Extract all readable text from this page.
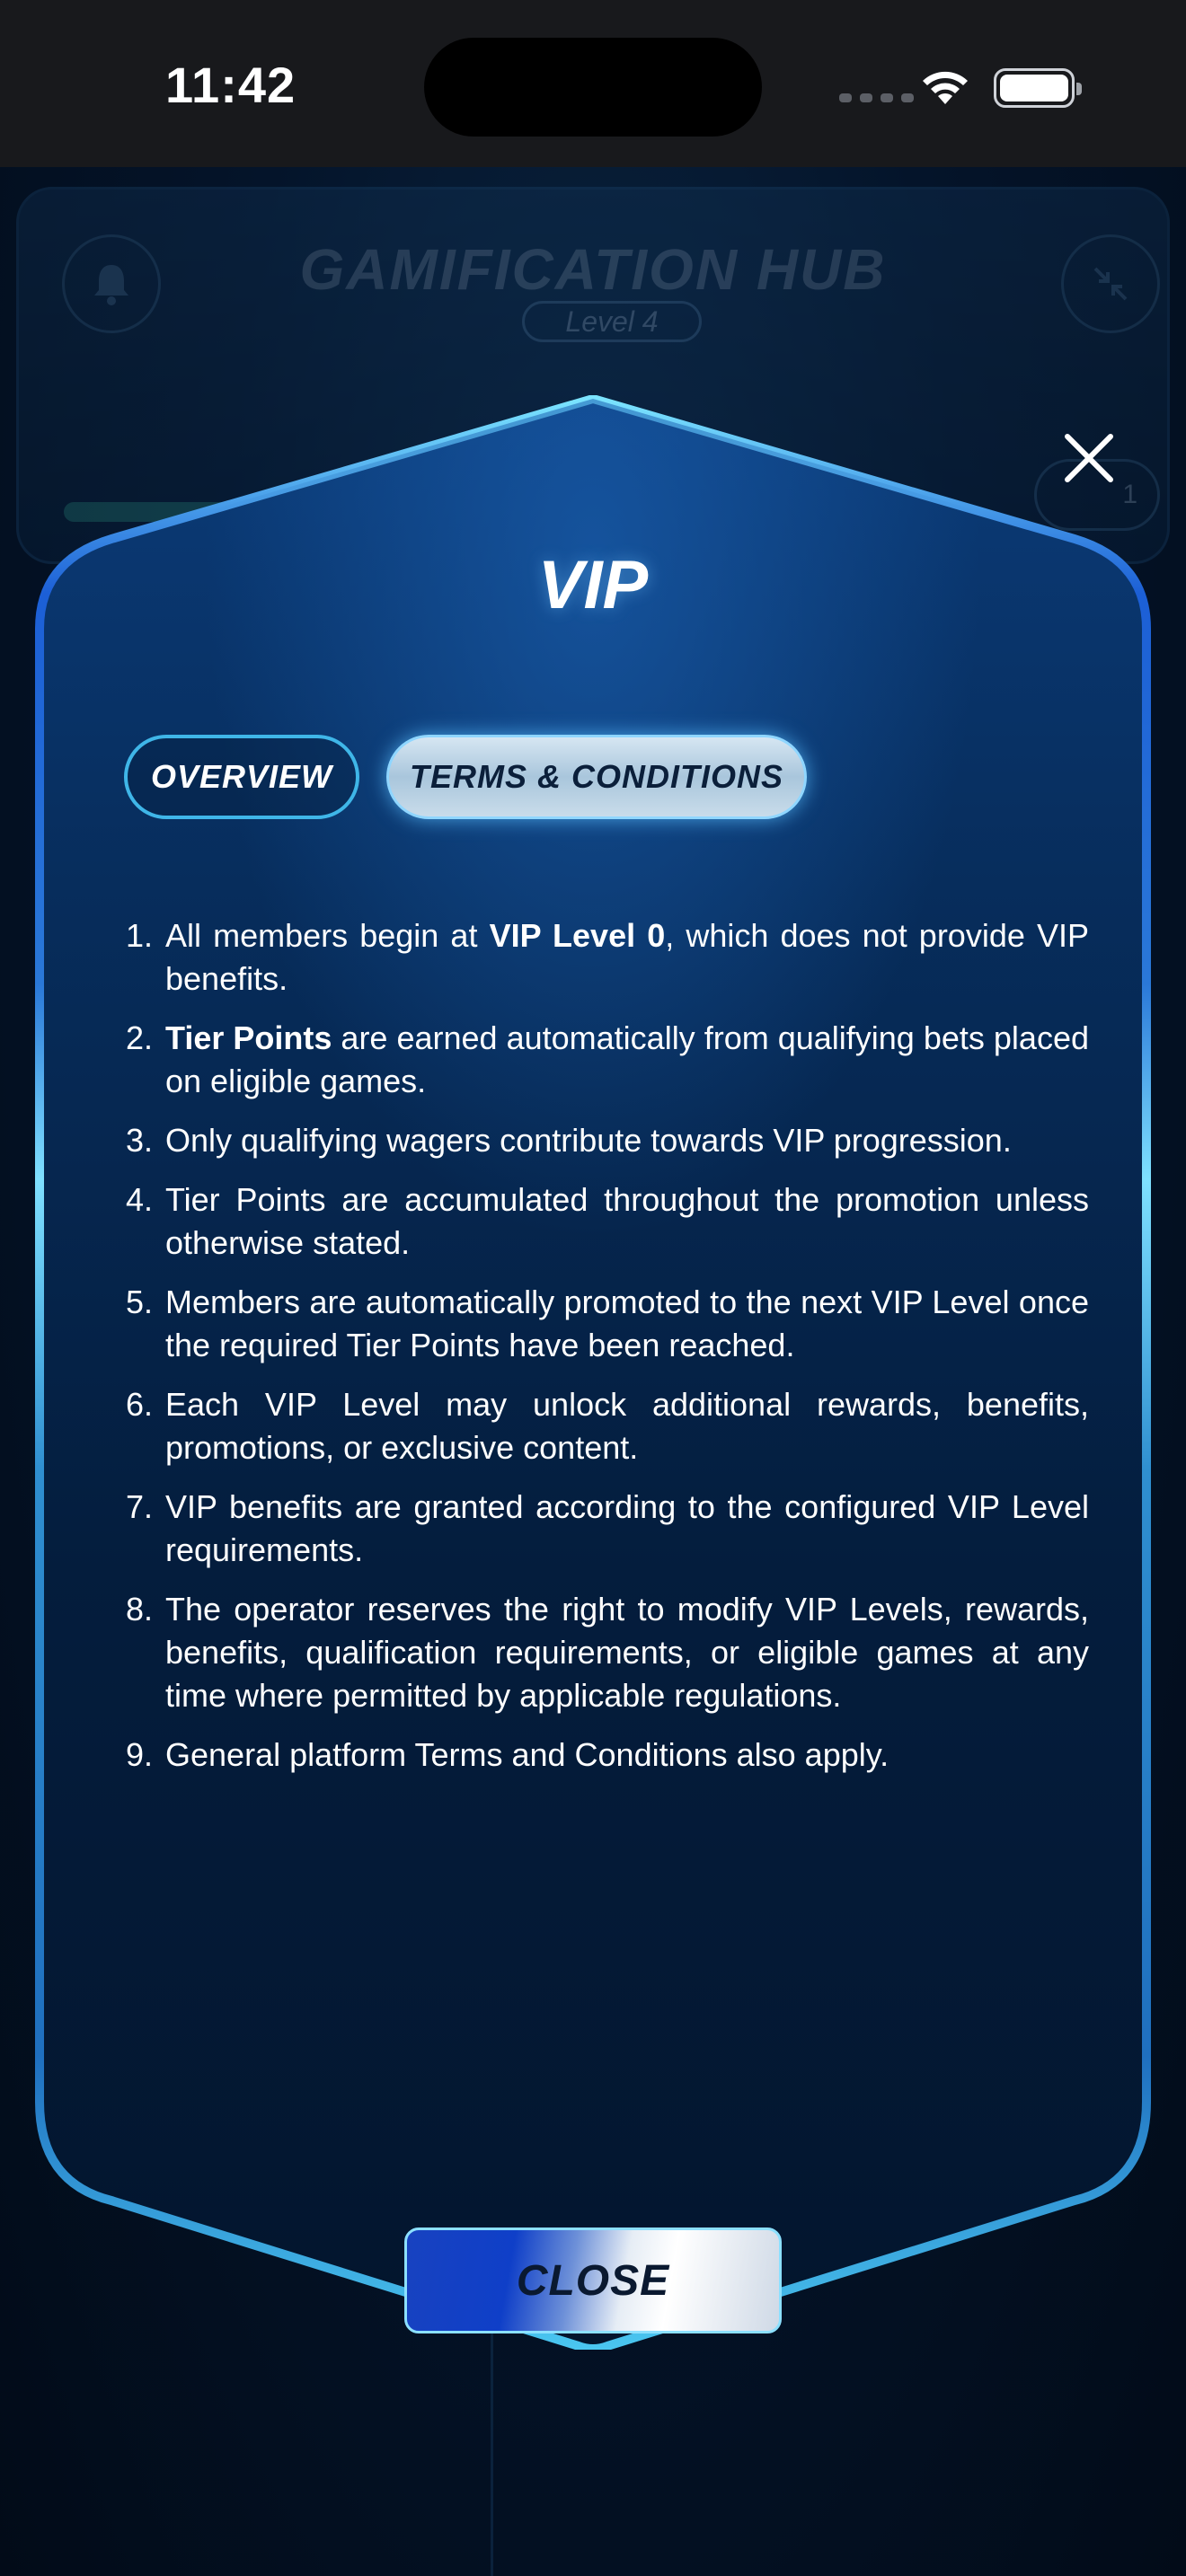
11:42
GAMIFICATION HUB
Level 4
1
VIP
OVERVIEW	TERMS & CONDITIONS
1. All members begin at VIP Level 0, which does not provide VIP benefits.
2. Tier Points are earned automatically from qualifying bets placed on eligible games.
3. Only qualifying wagers contribute towards VIP progression.
4. Tier Points are accumulated throughout the promotion unless otherwise stated.
5. Members are automatically promoted to the next VIP Level once the required Tier Points have been reached.
6. Each VIP Level may unlock additional rewards, benefits, promotions, or exclusive content.
7. VIP benefits are granted according to the configured VIP Level requirements.
8. The operator reserves the right to modify VIP Levels, rewards, benefits, qualification requirements, or eligible games at any time where permitted by applicable regulations.
9. General platform Terms and Conditions also apply.
CLOSE
